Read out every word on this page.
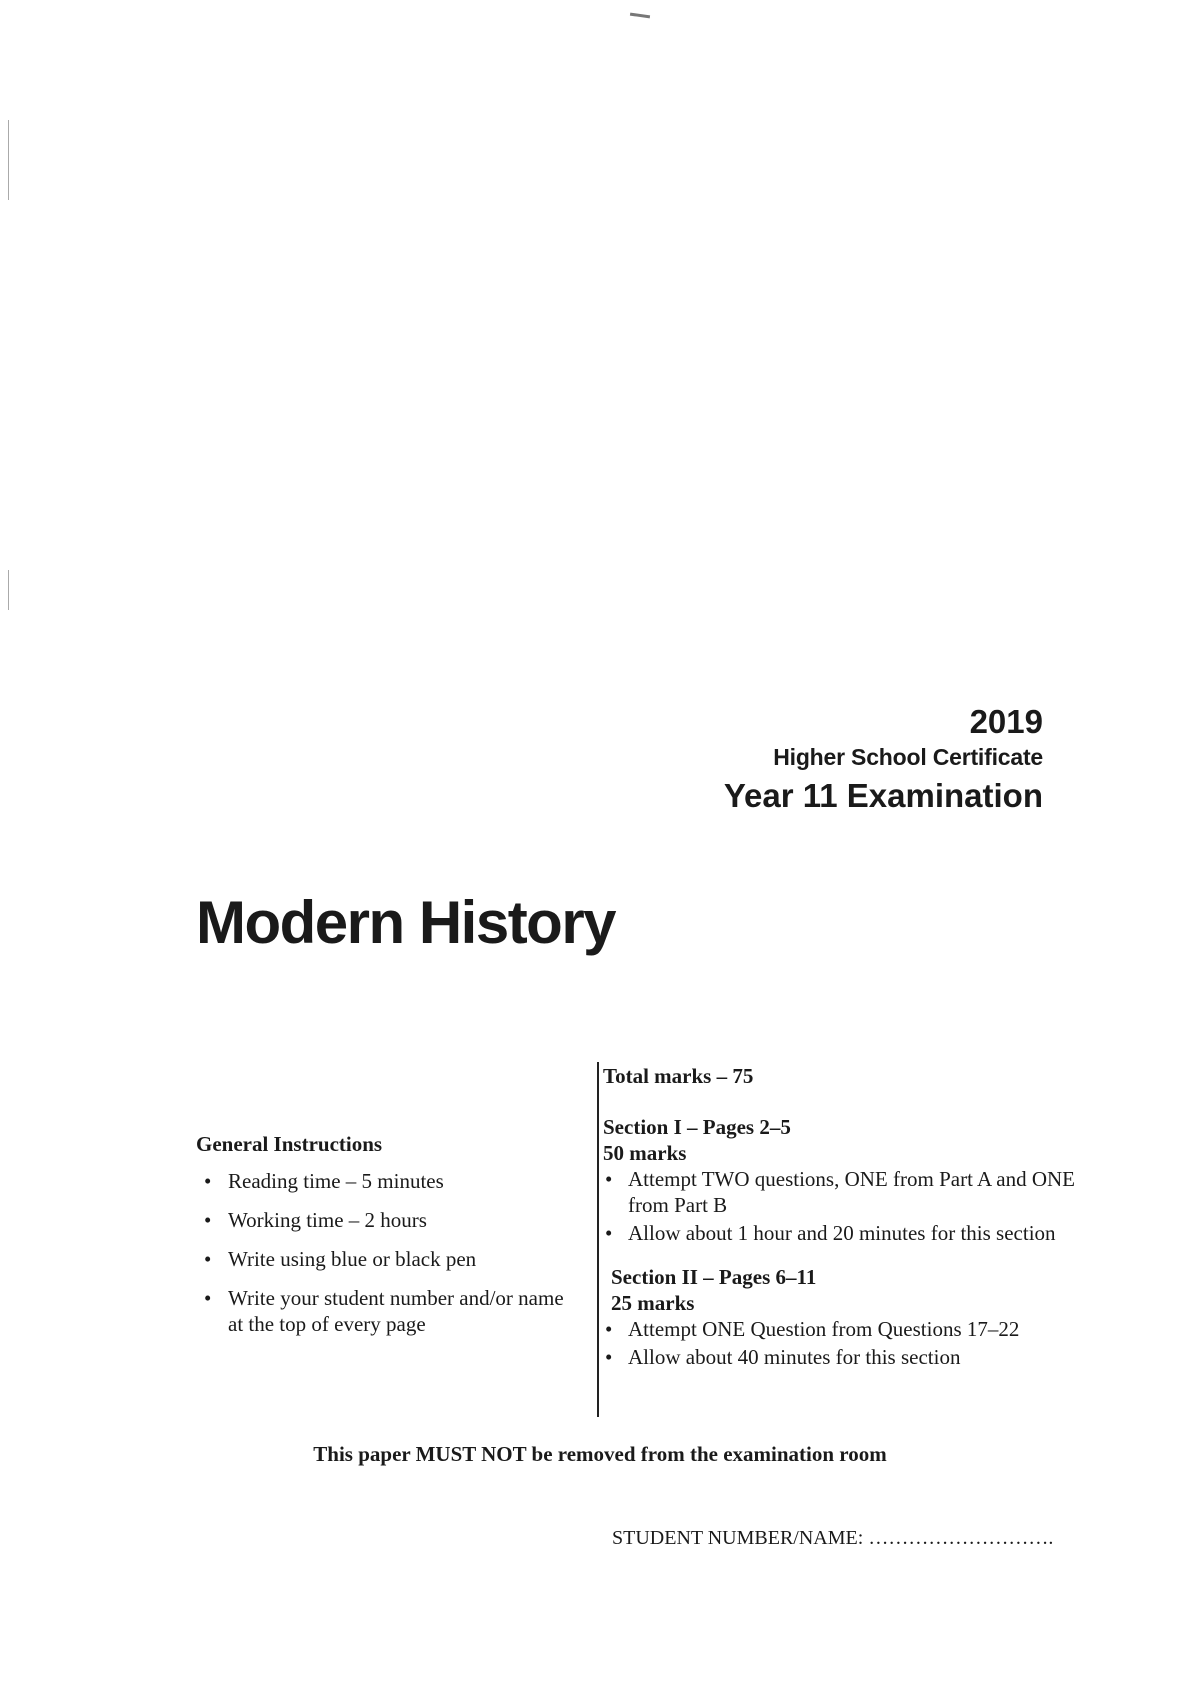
2019
Higher School Certificate
Year 11 Examination
Modern History
General Instructions
• Reading time – 5 minutes
• Working time – 2 hours
• Write using blue or black pen
• Write your student number and/or name at the top of every page
Total marks – 75
Section I – Pages 2–5
50 marks
• Attempt TWO questions, ONE from Part A and ONE from Part B
• Allow about 1 hour and 20 minutes for this section
Section II – Pages 6–11
25 marks
• Attempt ONE Question from Questions 17–22
• Allow about 40 minutes for this section
This paper MUST NOT be removed from the examination room
STUDENT NUMBER/NAME: ……………………….
